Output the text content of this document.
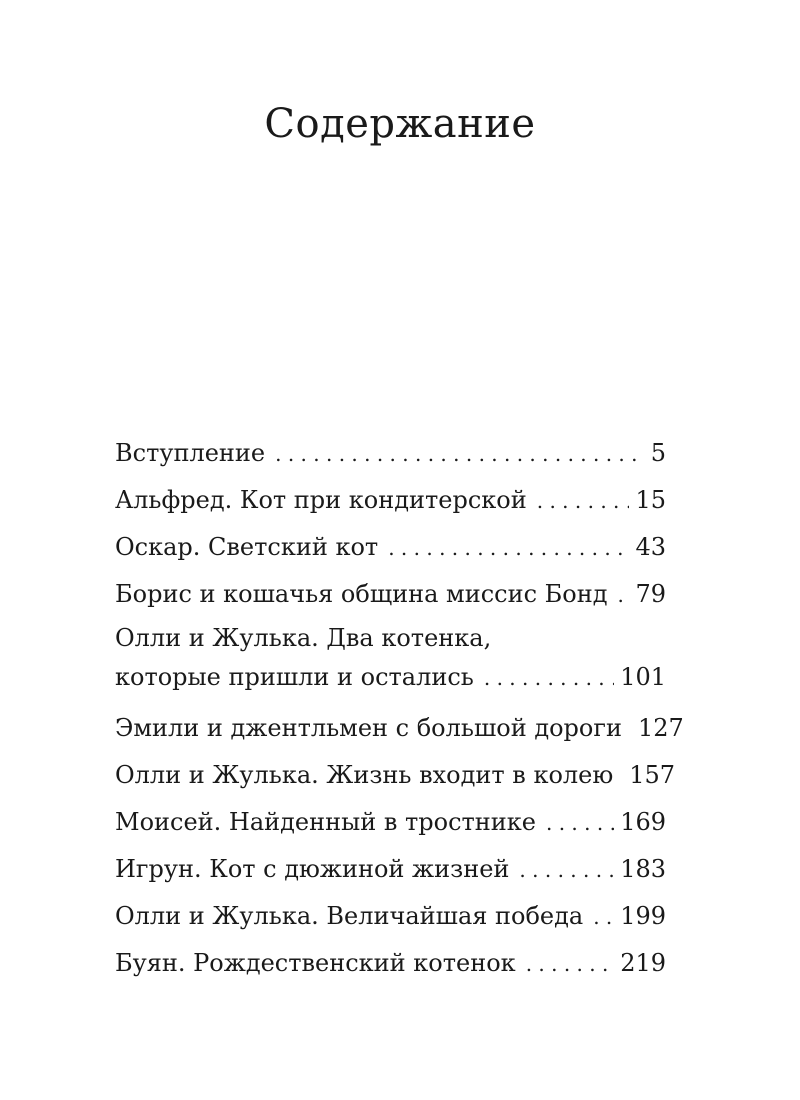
Содержание
Вступление . . .	5
Альфред. Кот при кондитерской . . .	15
Оскар. Светский кот . . .	43
Борис и кошачья община миссис Бонд . . . 79
Олли и Жулька. Два котенка,
которые пришли и остались . . .	101
Эмили и джентльмен с большой дороги 127
Олли и Жулька. Жизнь входит в колею 157
Моисей. Найденный в тростнике . . .	169
Игрун. Кот с дюжиной жизней . . .	183
Олли и Жулька. Величайшая победа . . . 199
Буян. Рождественский котенок . . .	219
